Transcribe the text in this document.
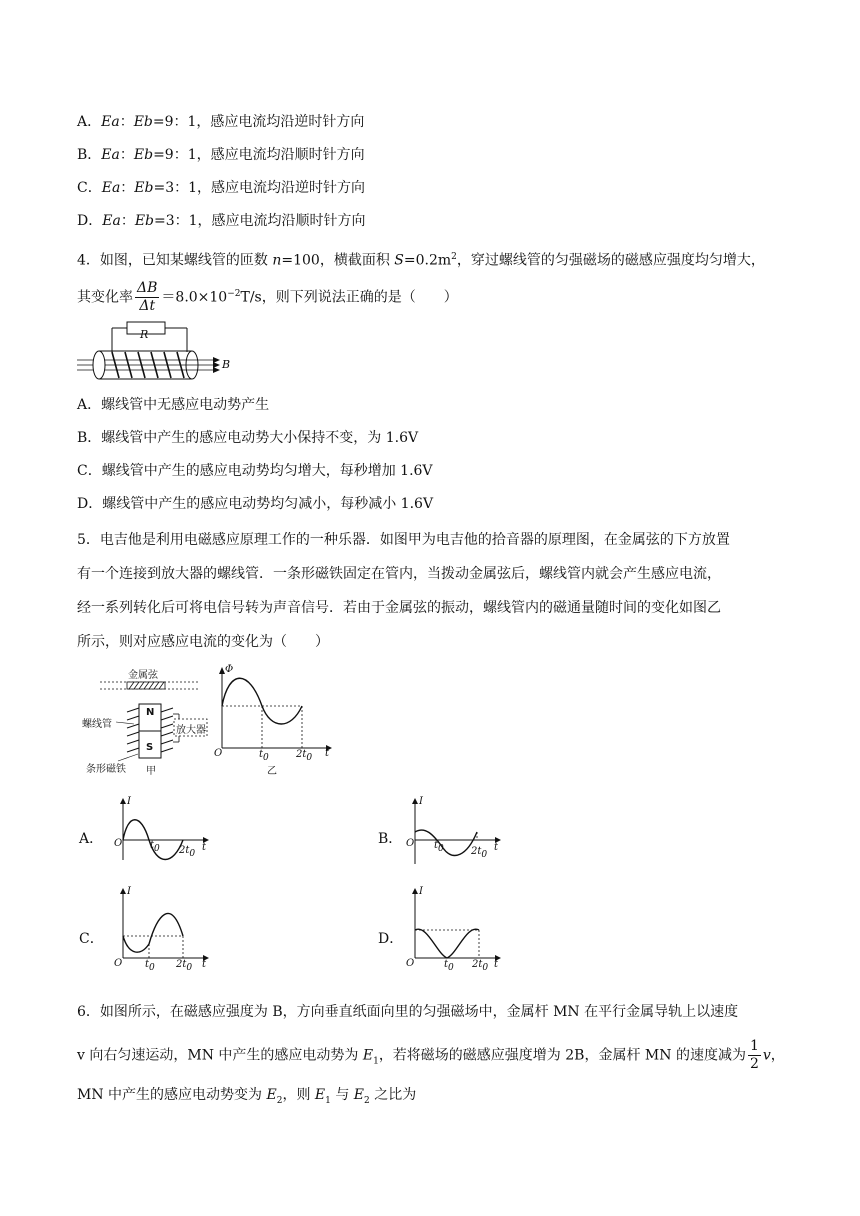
A．Ea：Eb=9：1，感应电流均沿逆时针方向
B．Ea：Eb=9：1，感应电流均沿顺时针方向
C．Ea：Eb=3：1，感应电流均沿逆时针方向
D．Ea：Eb=3：1，感应电流均沿顺时针方向
4．如图，已知某螺线管的匝数 n=100，横截面积 $S=0.2m^2$，穿过螺线管的匀强磁场的磁感应强度均匀增大，
其变化率 $\frac{\Delta B}{\Delta t} =8.0\times 10^{-2}T/s$，则下列说法正确的是（　　）
R
B
A．螺线管中无感应电动势产生
B．螺线管中产生的感应电动势大小保持不变，为 1.6V
C．螺线管中产生的感应电动势均匀增大，每秒增加 1.6V
D．螺线管中产生的感应电动势均匀减小，每秒减小 1.6V
5．电吉他是利用电磁感应原理工作的一种乐器．如图甲为电吉他的拾音器的原理图，在金属弦的下方放置
有一个连接到放大器的螺线管．一条形磁铁固定在管内，当拨动金属弦后，螺线管内就会产生感应电流，
经一系列转化后可将电信号转为声音信号．若由于金属弦的振动，螺线管内的磁通量随时间的变化如图乙
所示，则对应感应电流的变化为（　　）
金属弦
螺线管
N
S
放大器
条形磁铁 甲
Φ
O	$t_0$	$2t_0$ t
乙
A．
I
O	$t_0$ $2t_0$
t
B．
I
O $t_0$	$2t_0$
t
C．
I
O $t_0$ $2t_0$ t
D．
I
O	$t_0$ $2t_0$ t
6．如图所示，在磁感应强度为 B，方向垂直纸面向里的匀强磁场中，金属杆 MN 在平行金属导轨上以速度
v 向右匀速运动，MN 中产生的感应电动势为 $E_1$，若将磁场的磁感应强度增为 2B，金属杆 MN 的速度减为 $\frac{1}{2}$ v，
MN 中产生的感应电动势变为 $E_2$，则 $E_1$ 与 $E_2$ 之比为
